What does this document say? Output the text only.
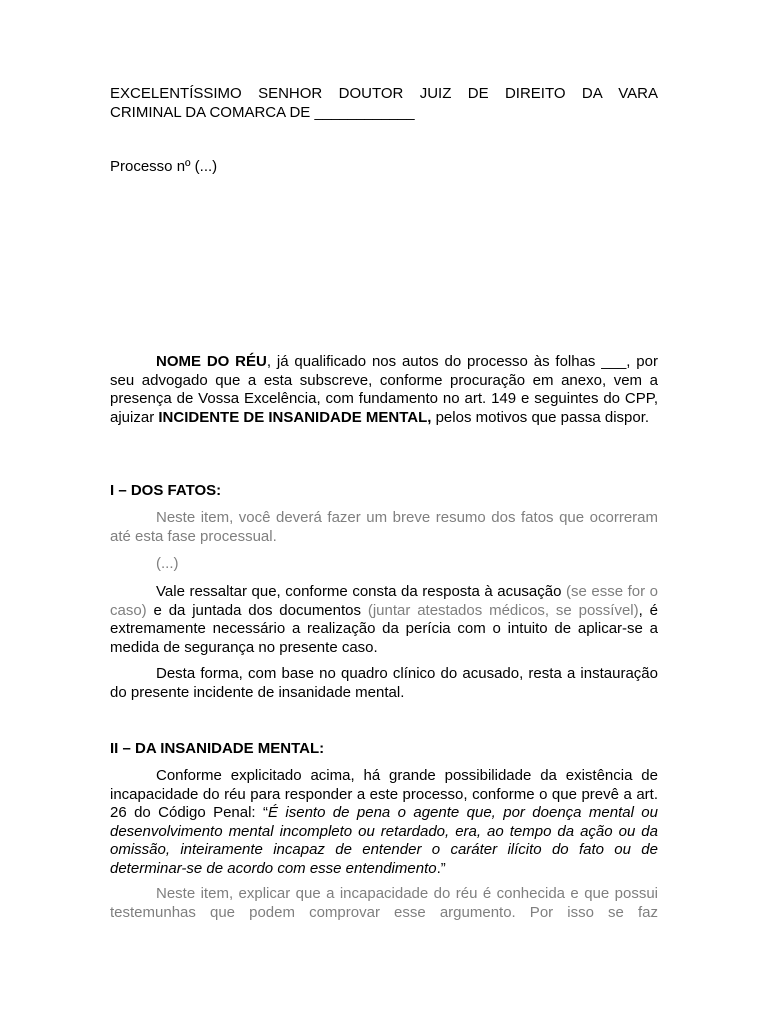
EXCELENTÍSSIMO SENHOR DOUTOR JUIZ DE DIREITO DA VARA
CRIMINAL DA COMARCA DE ____________
Processo nº (...)
NOME DO RÉU, já qualificado nos autos do processo às folhas ___, por seu advogado que a esta subscreve, conforme procuração em anexo, vem a presença de Vossa Excelência, com fundamento no art. 149 e seguintes do CPP, ajuizar INCIDENTE DE INSANIDADE MENTAL, pelos motivos que passa dispor.
I – DOS FATOS:
Neste item, você deverá fazer um breve resumo dos fatos que ocorreram até esta fase processual.
(...)
Vale ressaltar que, conforme consta da resposta à acusação (se esse for o caso) e da juntada dos documentos (juntar atestados médicos, se possível), é extremamente necessário a realização da perícia com o intuito de aplicar-se a medida de segurança no presente caso.
Desta forma, com base no quadro clínico do acusado, resta a instauração do presente incidente de insanidade mental.
II – DA INSANIDADE MENTAL:
Conforme explicitado acima, há grande possibilidade da existência de incapacidade do réu para responder a este processo, conforme o que prevê a art. 26 do Código Penal: “É isento de pena o agente que, por doença mental ou desenvolvimento mental incompleto ou retardado, era, ao tempo da ação ou da omissão, inteiramente incapaz de entender o caráter ilícito do fato ou de determinar-se de acordo com esse entendimento.”
Neste item, explicar que a incapacidade do réu é conhecida e que possui testemunhas que podem comprovar esse argumento. Por isso se faz
